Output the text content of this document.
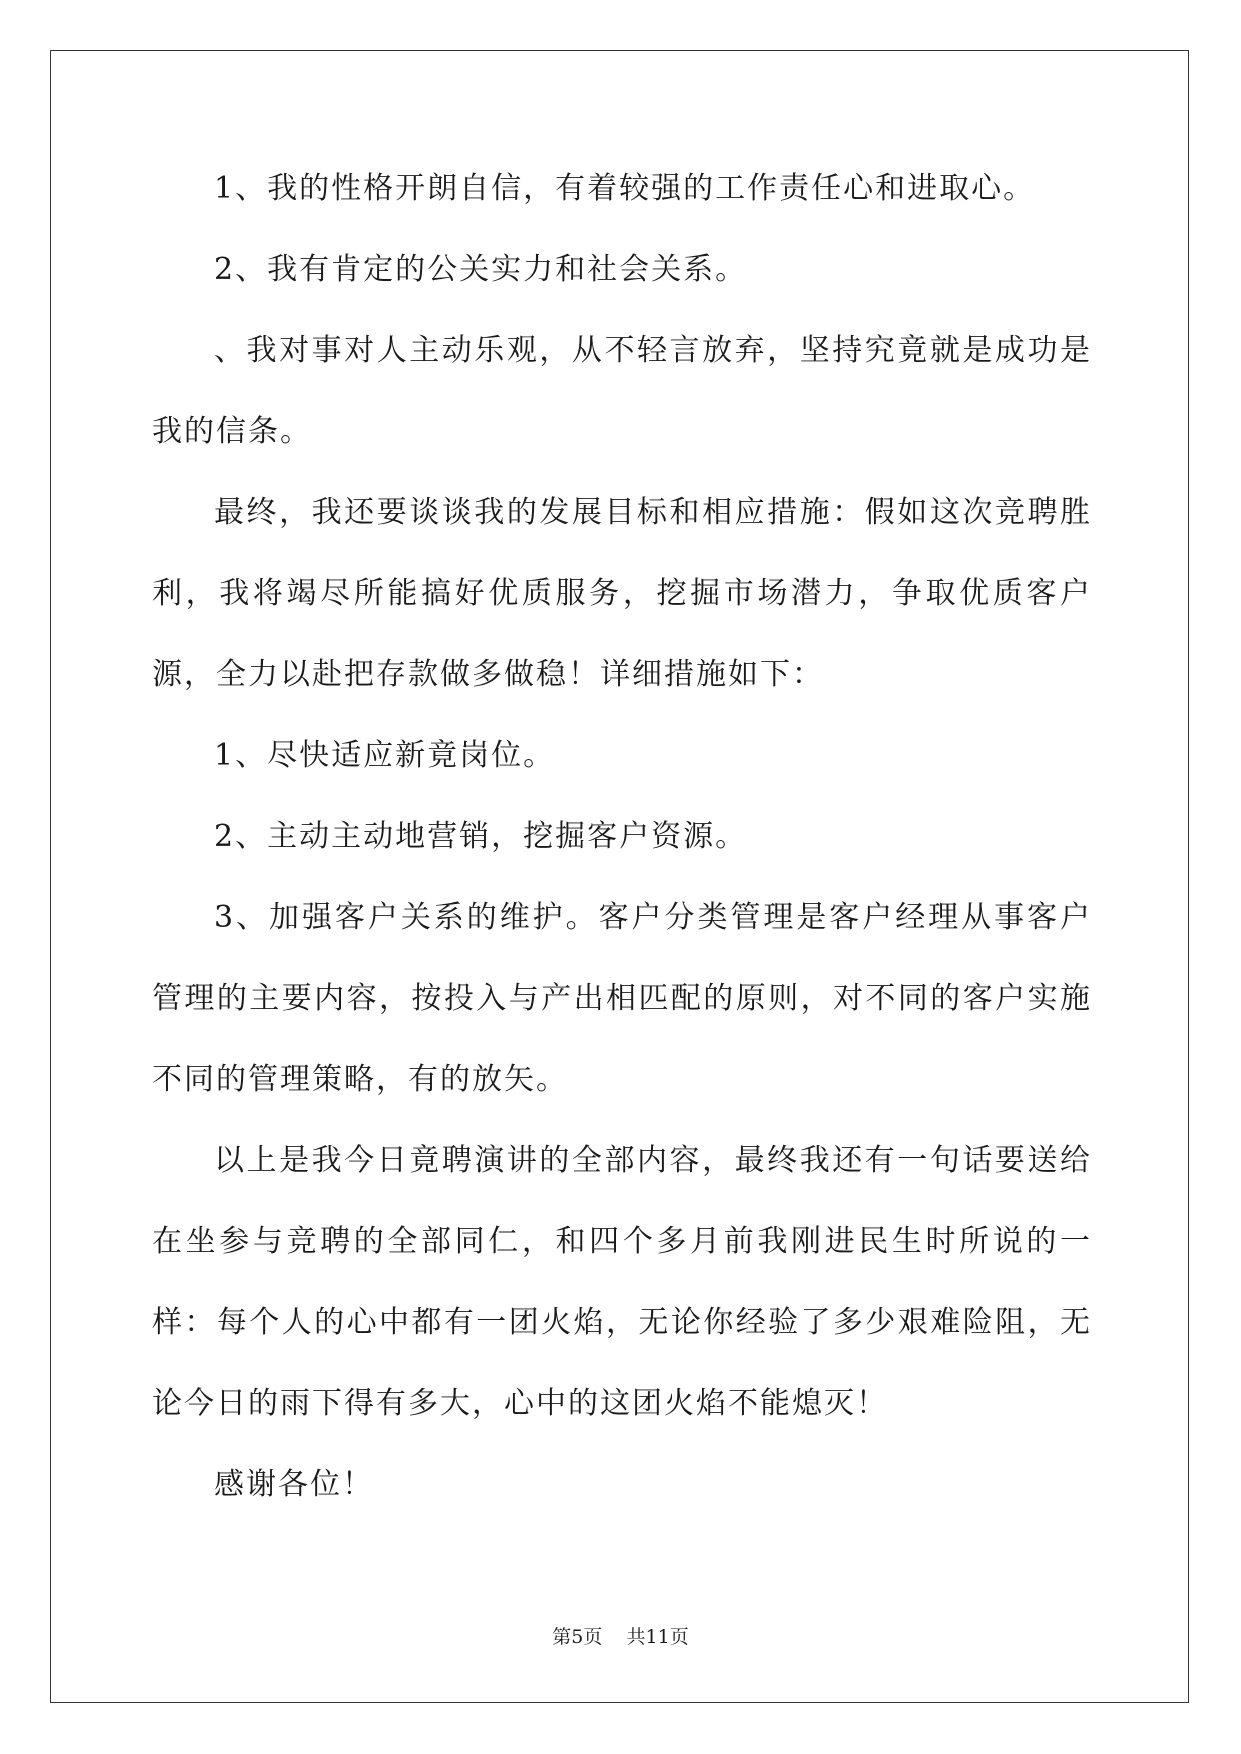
1、我的性格开朗自信，有着较强的工作责任心和进取心。

2、我有肯定的公关实力和社会关系。

、我对事对人主动乐观，从不轻言放弃，坚持究竟就是成功是我的信条。

最终，我还要谈谈我的发展目标和相应措施：假如这次竞聘胜利，我将竭尽所能搞好优质服务，挖掘市场潜力，争取优质客户源，全力以赴把存款做多做稳！详细措施如下：

1、尽快适应新竟岗位。

2、主动主动地营销，挖掘客户资源。

3、加强客户关系的维护。客户分类管理是客户经理从事客户管理的主要内容，按投入与产出相匹配的原则，对不同的客户实施不同的管理策略，有的放矢。

以上是我今日竟聘演讲的全部内容，最终我还有一句话要送给在坐参与竞聘的全部同仁，和四个多月前我刚进民生时所说的一样：每个人的心中都有一团火焰，无论你经验了多少艰难险阻，无论今日的雨下得有多大，心中的这团火焰不能熄灭！

感谢各位！

第5页    共11页
